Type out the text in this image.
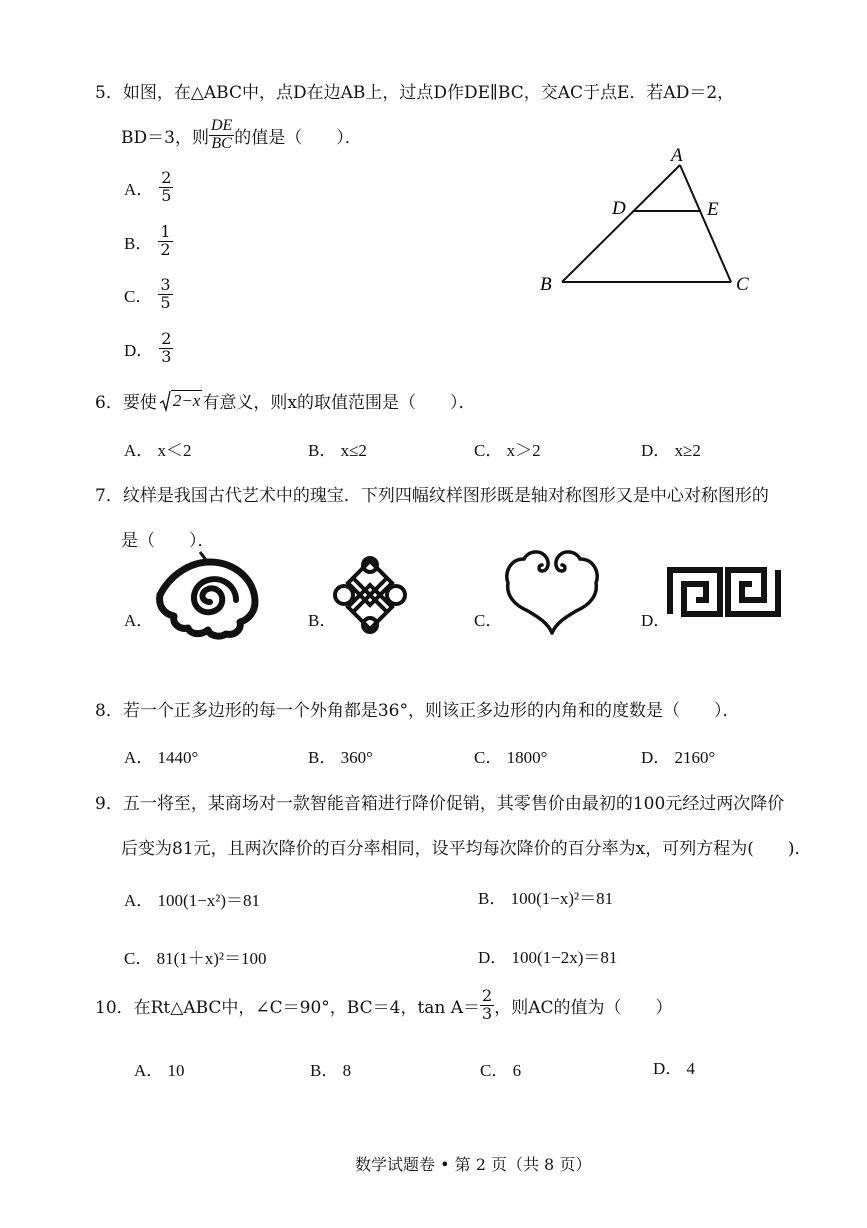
5．如图，在△ABC中，点D在边AB上，过点D作DE∥BC，交AC于点E．若AD＝2，
BD＝3，则 $\frac{DE}{BC}$ 的值是（　　）．
A． $\frac{2}{5}$
B． $\frac{1}{2}$
C． $\frac{3}{5}$
D． $\frac{2}{3}$
A
D	E
B	C
6．要使 2−x 有意义，则x的取值范围是（　　）．
A． x＜2	B． x≤2	C． x＞2	D． x≥2
7．纹样是我国古代艺术中的瑰宝．下列四幅纹样图形既是轴对称图形又是中心对称图形的
是（　　）．
A．	B．	C．	D．
8．若一个正多边形的每一个外角都是36°，则该正多边形的内角和的度数是（　　）．
A． 1440°	B． 360°	C． 1800°	D． 2160°
9．五一将至，某商场对一款智能音箱进行降价促销，其零售价由最初的100元经过两次降价
后变为81元，且两次降价的百分率相同，设平均每次降价的百分率为x，可列方程为(　　)．
A． 100(1−x²)＝81	B． 100(1−x)²＝81
C． 81(1＋x)²＝100	D． 100(1−2x)＝81
10．在Rt△ABC中，∠C＝90°，BC＝4，$\tan A= \frac{2}{3}$ ，则AC的值为（　　）
A． 10	B． 8	C． 6	D． 4
数学试题卷 • 第 2 页（共 8 页）
